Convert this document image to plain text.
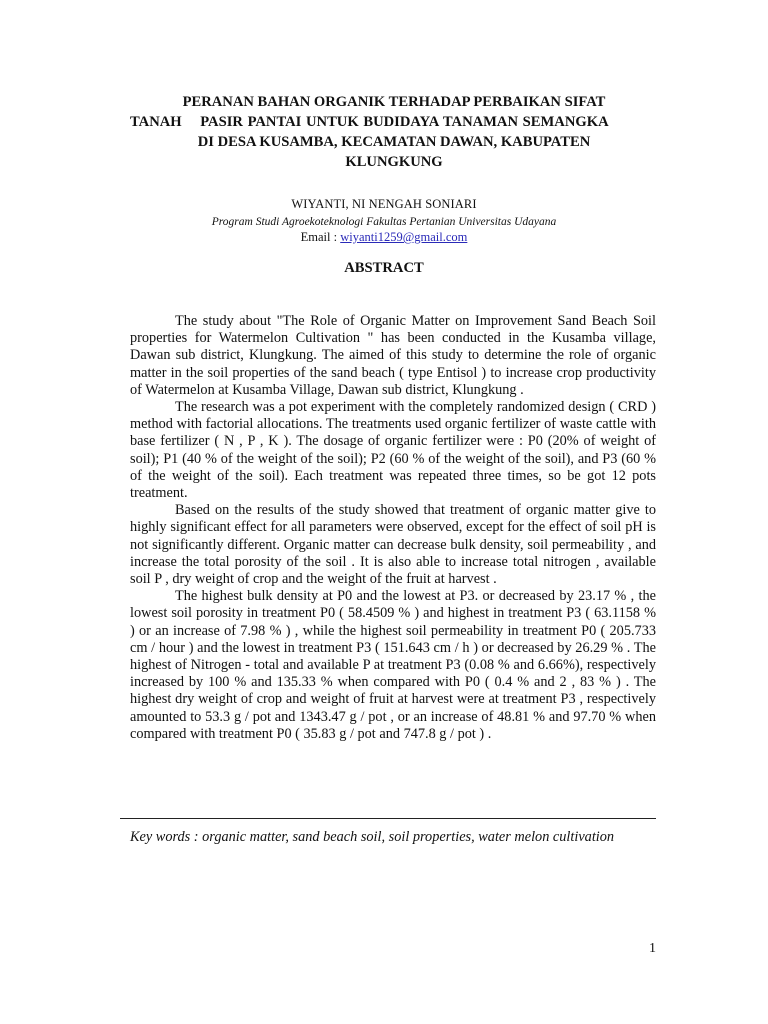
PERANAN BAHAN ORGANIK TERHADAP PERBAIKAN SIFAT
TANAH    PASIR PANTAI UNTUK BUDIDAYA TANAMAN SEMANGKA
DI DESA KUSAMBA, KECAMATAN DAWAN, KABUPATEN
KLUNGKUNG
WIYANTI, NI NENGAH SONIARI
Program Studi Agroekoteknologi Fakultas Pertanian Universitas Udayana
Email : wiyanti1259@gmail.com
ABSTRACT

The study about "The Role of Organic Matter on Improvement Sand Beach Soil properties for Watermelon Cultivation " has been conducted in the Kusamba village, Dawan sub district, Klungkung. The aimed of this study to determine the role of organic matter in the soil properties of the sand beach ( type Entisol ) to increase crop productivity of Watermelon at Kusamba Village, Dawan sub district, Klungkung .

The research was a pot experiment with the completely randomized design ( CRD ) method with factorial allocations. The treatments used organic fertilizer of waste cattle with base fertilizer ( N , P , K ). The dosage of organic fertilizer were : P0 (20% of weight of soil); P1 (40 % of the weight of the soil); P2 (60 % of the weight of the soil), and P3 (60 % of the weight of the soil). Each treatment was repeated three times, so be got 12 pots treatment.

Based on the results of the study showed that treatment of organic matter give to highly significant effect for all parameters were observed, except for the effect of soil pH is not significantly different. Organic matter can decrease bulk density, soil permeability , and increase the total porosity of the soil . It is also able to increase total nitrogen , available soil P , dry weight of crop and the weight of the fruit at harvest .

The highest bulk density at P0 and the lowest at P3. or decreased by 23.17 % , the lowest soil porosity in treatment P0 ( 58.4509 % ) and highest in treatment P3 ( 63.1158 % ) or an increase of 7.98 % ) , while the highest soil permeability in treatment P0 ( 205.733 cm / hour ) and the lowest in treatment P3 ( 151.643 cm / h ) or decreased by 26.29 % . The highest of Nitrogen - total and available P at treatment P3 (0.08 % and 6.66%), respectively increased by 100 % and 135.33 % when compared with P0 ( 0.4 % and 2 , 83 % ) . The highest dry weight of crop and weight of fruit at harvest were at treatment P3 , respectively amounted to 53.3 g / pot and 1343.47 g / pot , or an increase of 48.81 % and 97.70 % when compared with treatment P0 ( 35.83 g / pot and 747.8 g / pot ) .

Key words : organic matter, sand beach soil, soil properties, water melon cultivation
1
